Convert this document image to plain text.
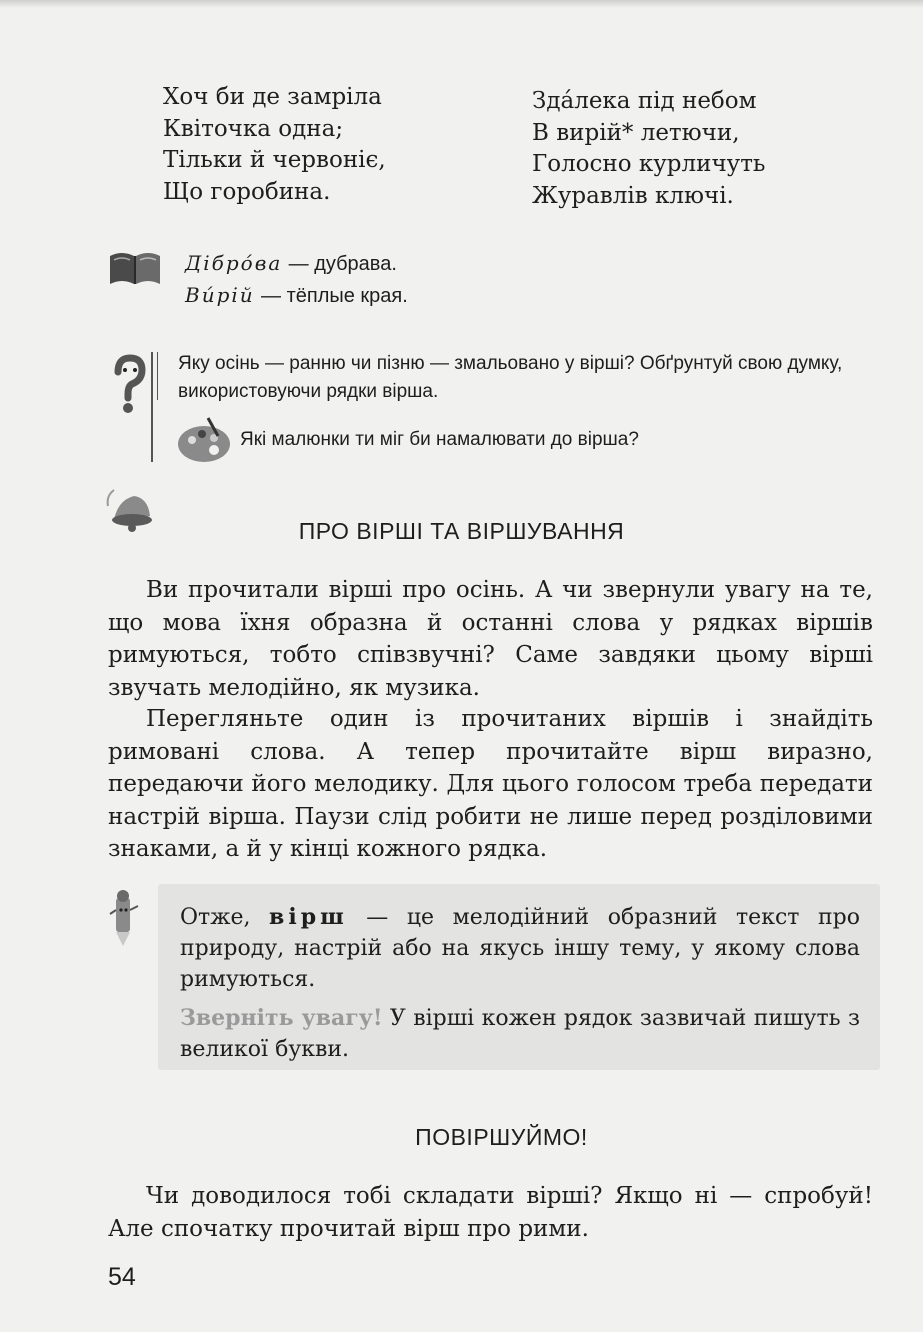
Хоч би де замріла
Квіточка одна;
Тільки й червоніє,
Що горобина.
Зда́лека під небом
В вирій* летючи,
Голосно курличуть
Журавлів ключі.
Дібро́ва — дубрава.
Ви́рій — тёплые края.
Яку осінь — ранню чи пізню — змальовано у вірші? Обґрунтуй свою думку, використовуючи рядки вірша.
Які малюнки ти міг би намалювати до вірша?
ПРО ВІРШІ ТА ВІРШУВАННЯ
Ви прочитали вірші про осінь. А чи звернули увагу на те, що мова їхня образна й останні слова у рядках віршів римуються, тобто співзвучні? Саме завдяки цьому вірші звучать мелодійно, як музика.
Перегляньте один із прочитаних віршів і знайдіть римовані слова. А тепер прочитайте вірш виразно, передаючи його мелодику. Для цього голосом треба передати настрій вірша. Паузи слід робити не лише перед розділовими знаками, а й у кінці кожного рядка.

Отже, вірш — це мелодійний образний текст про природу, настрій або на якусь іншу тему, у якому слова римуються.

Зверніть увагу! У вірші кожен рядок зазвичай пишуть з великої букви.

ПОВІРШУЙМО!
Чи доводилося тобі складати вірші? Якщо ні — спробуй! Але спочатку прочитай вірш про рими.
54
